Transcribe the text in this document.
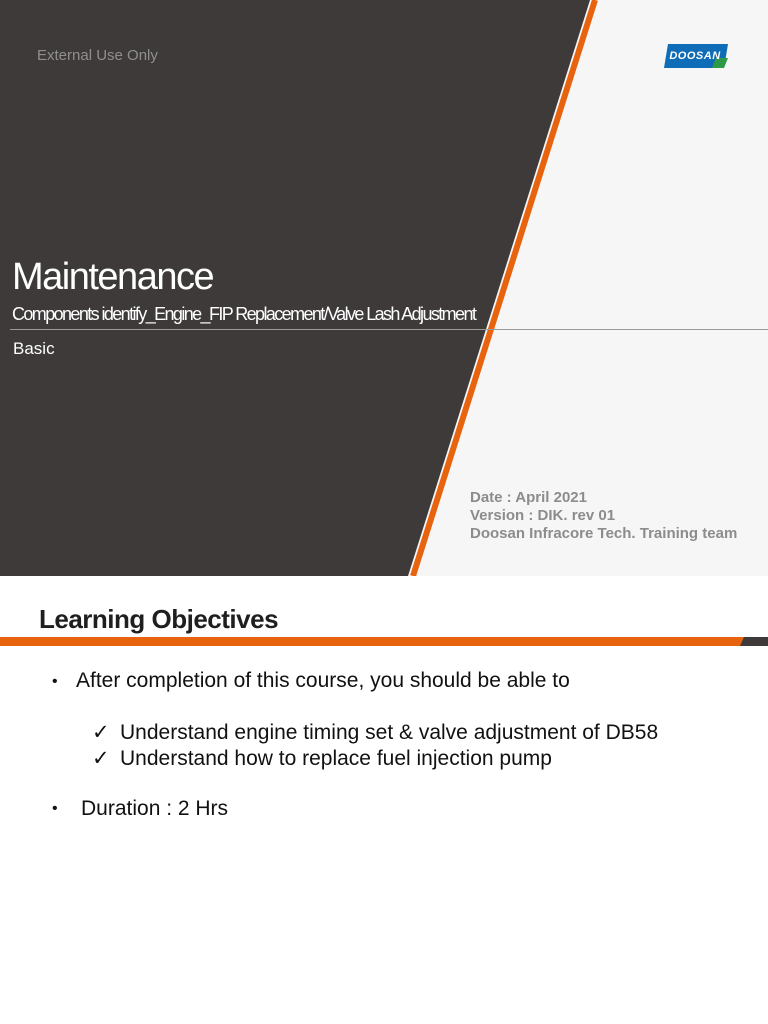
External Use Only	DOOSAN
Maintenance
Components identify_Engine_FIP Replacement/Valve Lash Adjustment
Basic
Date : April 2021
Version : DIK. rev 01
Doosan Infracore Tech. Training team
Learning Objectives
• After completion of this course, you should be able to
✓ Understand engine timing set & valve adjustment of DB58
✓ Understand how to replace fuel injection pump
• Duration : 2 Hrs
